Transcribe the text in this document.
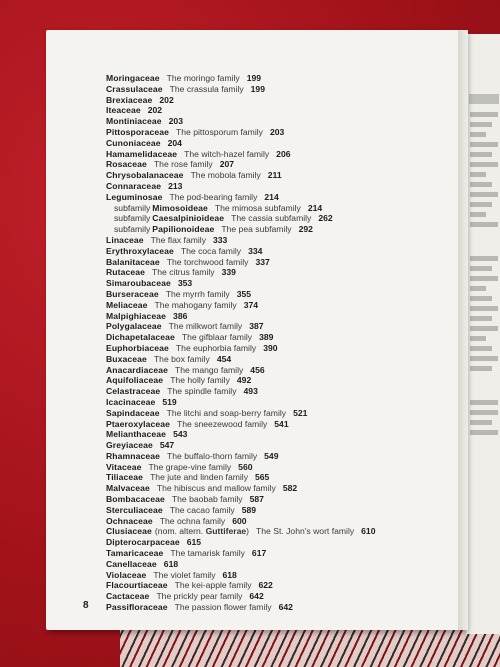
Moringaceae The moringo family 199
Crassulaceae The crassula family 199
Brexiaceae 202
Iteaceae 202
Montiniaceae 203
Pittosporaceae The pittosporum family 203
Cunoniaceae 204
Hamamelidaceae The witch-hazel family 206
Rosaceae The rose family 207
Chrysobalanaceae The mobola family 211
Connaraceae 213
Leguminosae The pod-bearing family 214
subfamily Mimosoideae The mimosa subfamily 214
subfamily Caesalpinioideae The cassia subfamily 262
subfamily Papilionoideae The pea subfamily 292
Linaceae The flax family 333
Erythroxylaceae The coca family 334
Balanitaceae The torchwood family 337
Rutaceae The citrus family 339
Simaroubaceae 353
Burseraceae The myrrh family 355
Meliaceae The mahogany family 374
Malpighiaceae 386
Polygalaceae The milkwort family 387
Dichapetalaceae The gifblaar family 389
Euphorbiaceae The euphorbia family 390
Buxaceae The box family 454
Anacardiaceae The mango family 456
Aquifoliaceae The holly family 492
Celastraceae The spindle family 493
Icacinaceae 519
Sapindaceae The litchi and soap-berry family 521
Ptaeroxylaceae The sneezewood family 541
Melianthaceae 543
Greyiaceae 547
Rhamnaceae The buffalo-thorn family 549
Vitaceae The grape-vine family 560
Tiliaceae The jute and linden family 565
Malvaceae The hibiscus and mallow family 582
Bombacaceae The baobab family 587
Sterculiaceae The cacao family 589
Ochnaceae The ochna family 600
Clusiaceae (nom. altern. Guttiferae) The St. John's wort family 610
Dipterocarpaceae 615
Tamaricaceae The tamarisk family 617
Canellaceae 618
Violaceae The violet family 618
Flacourtiaceae The kei-apple family 622
Cactaceae The prickly pear family 642
Passifloraceae The passion flower family 642
8
